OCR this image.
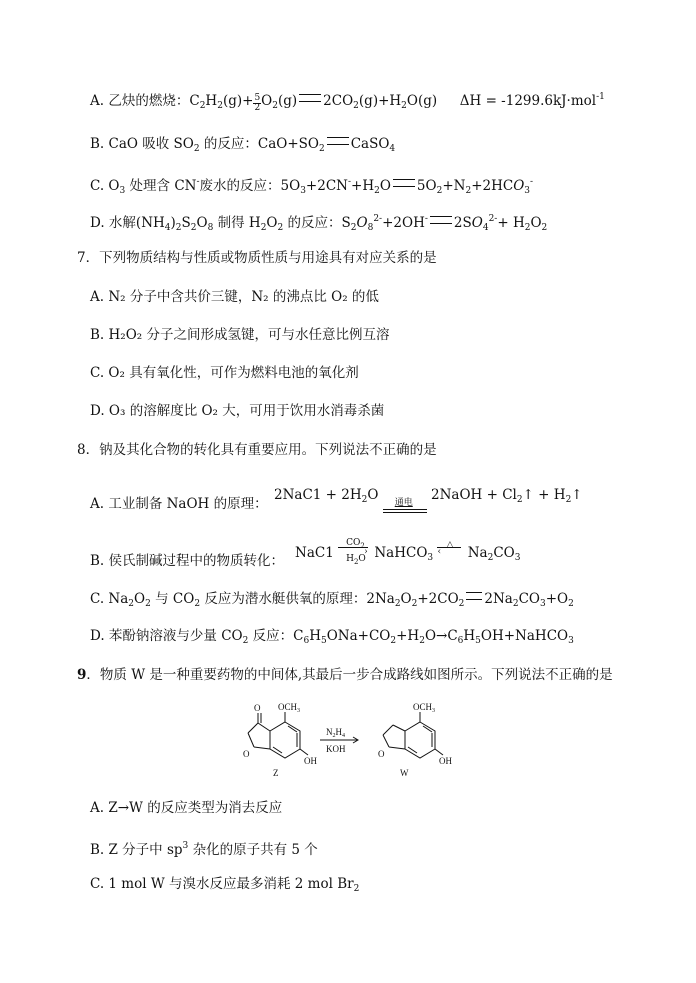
A. 乙炔的燃烧：$C_2H_2(g)+ \frac{5}{2} O_2(g)$ $2CO_2(g)+H_2O(g) \Delta H = -1299.6kJ\cdot mol^{-1}$
B. CaO 吸收 $SO_2$ 的反应：$CaO+SO_2$ CaSO$_4$
C. $O_3$ 处理含 CN-废水的反应：$5O_3+2CN^-+H_2O$ $5O_2+N_2+2HCO_3^-$
D. 水解$(NH_4)_2S_2O_8$ 制得 $H_2O_2$ 的反应：$S_2O_8^{2-}+2OH^-$ $2SO_4^{2-}+ H_2O_2$
7．下列物质结构与性质或物质性质与用途具有对应关系的是
A. N₂ 分子中含共价三键，N₂ 的沸点比 O₂ 的低
B. H₂O₂ 分子之间形成氢键，可与水任意比例互溶
C. O₂ 具有氧化性，可作为燃料电池的氧化剂
D. O₃ 的溶解度比 O₂ 大，可用于饮用水消毒杀菌
8．钠及其化合物的转化具有重要应用。下列说法不正确的是
A. 工业制备 NaOH 的原理：
$2NaC1 + 2H_2O$ 通电 2NaOH + $Cl_2↑$ + $H_2↑$
B. 侯氏制碱过程中的物质转化： NaC1
$CO_2$
›
$H_2O$ NaHCO$_3$
△
‹ $Na_2CO_3$
C. $Na_2O_2$ 与 $CO_2$ 反应为潜水艇供氧的原理：$2Na_2O_2+2CO_2$ $2Na_2CO_3+O_2$
D. 苯酚钠溶液与少量 $CO_2$ 反应：$C_6H_5ONa+CO_2+H_2O\to C_6H_5OH+NaHCO_3$
9．物质 W 是一种重要药物的中间体,其最后一步合成路线如图所示。下列说法不正确的是
O $OCH_3$
O
OH
Z
$N_2H_4$
KOH
$OCH_3$
O
OH
W
A. Z→W 的反应类型为消去反应
B. Z 分子中 $sp^3$ 杂化的原子共有 5 个
C. 1 mol W 与溴水反应最多消耗 2 mol $Br_2$
